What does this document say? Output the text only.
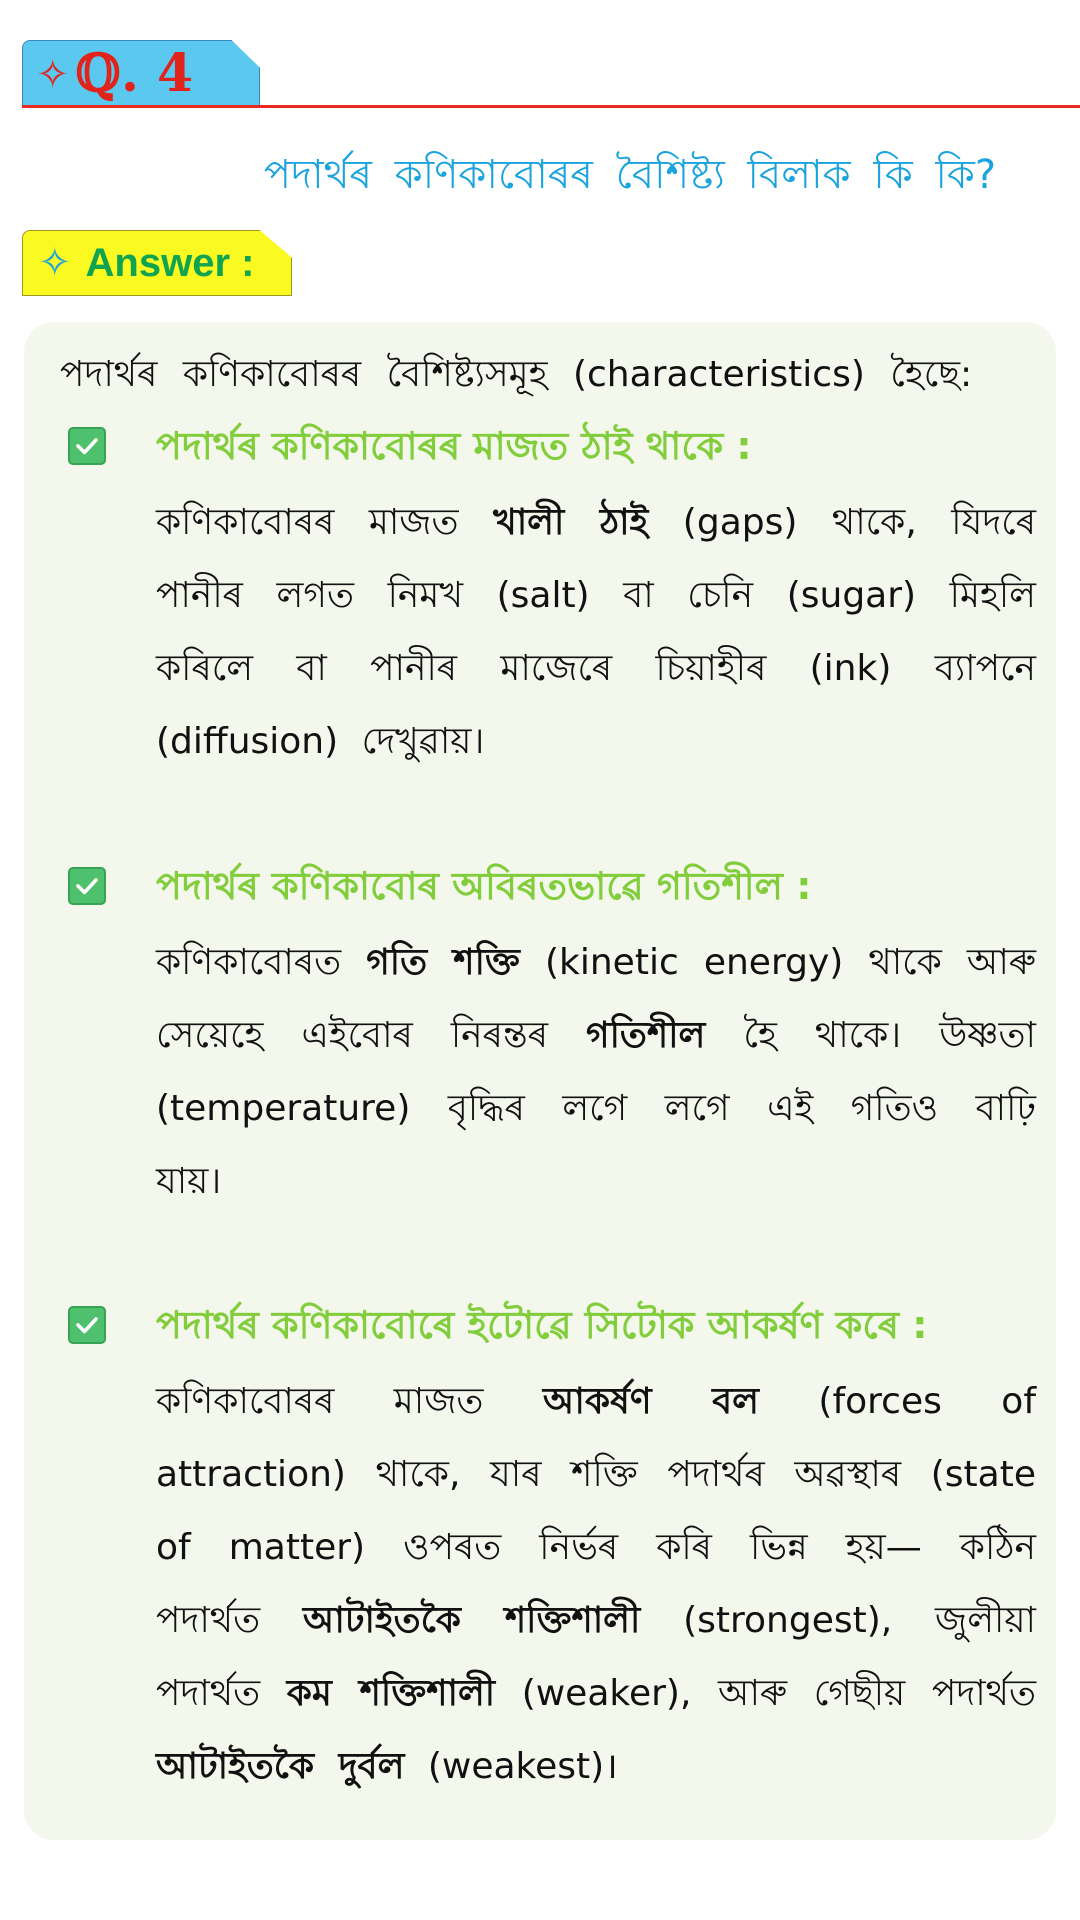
✧ ℚ. 4
পদাৰ্থৰ কণিকাবোৰৰ বৈশিষ্ট্য বিলাক কি কি?
✧ Answer :
পদাৰ্থৰ কণিকাবোৰৰ বৈশিষ্ট্যসমূহ (characteristics) হৈছে:
পদাৰ্থৰ কণিকাবোৰৰ মাজত ঠাই থাকে :
কণিকাবোৰৰ মাজত খালী ঠাই (gaps) থাকে, যিদৰে পানীৰ লগত নিমখ (salt) বা চেনি (sugar) মিহলি কৰিলে বা পানীৰ মাজেৰে চিয়াহীৰ (ink) ব্যাপনে (diffusion) দেখুৱায়।
পদাৰ্থৰ কণিকাবোৰ অবিৰতভাৱে গতিশীল :
কণিকাবোৰত গতি শক্তি (kinetic energy) থাকে আৰু সেয়েহে এইবোৰ নিৰন্তৰ গতিশীল হৈ থাকে। উষ্ণতা (temperature) বৃদ্ধিৰ লগে লগে এই গতিও বাঢ়ি যায়।
পদাৰ্থৰ কণিকাবোৰে ইটোৱে সিটোক আকৰ্ষণ কৰে :
কণিকাবোৰৰ মাজত আকৰ্ষণ বল (forces of attraction) থাকে, যাৰ শক্তি পদাৰ্থৰ অৱস্থাৰ (state of matter) ওপৰত নিৰ্ভৰ কৰি ভিন্ন হয়— কঠিন পদাৰ্থত আটাইতকৈ শক্তিশালী (strongest), জুলীয়া পদাৰ্থত কম শক্তিশালী (weaker), আৰু গেছীয় পদাৰ্থত আটাইতকৈ দুৰ্বল (weakest)।
